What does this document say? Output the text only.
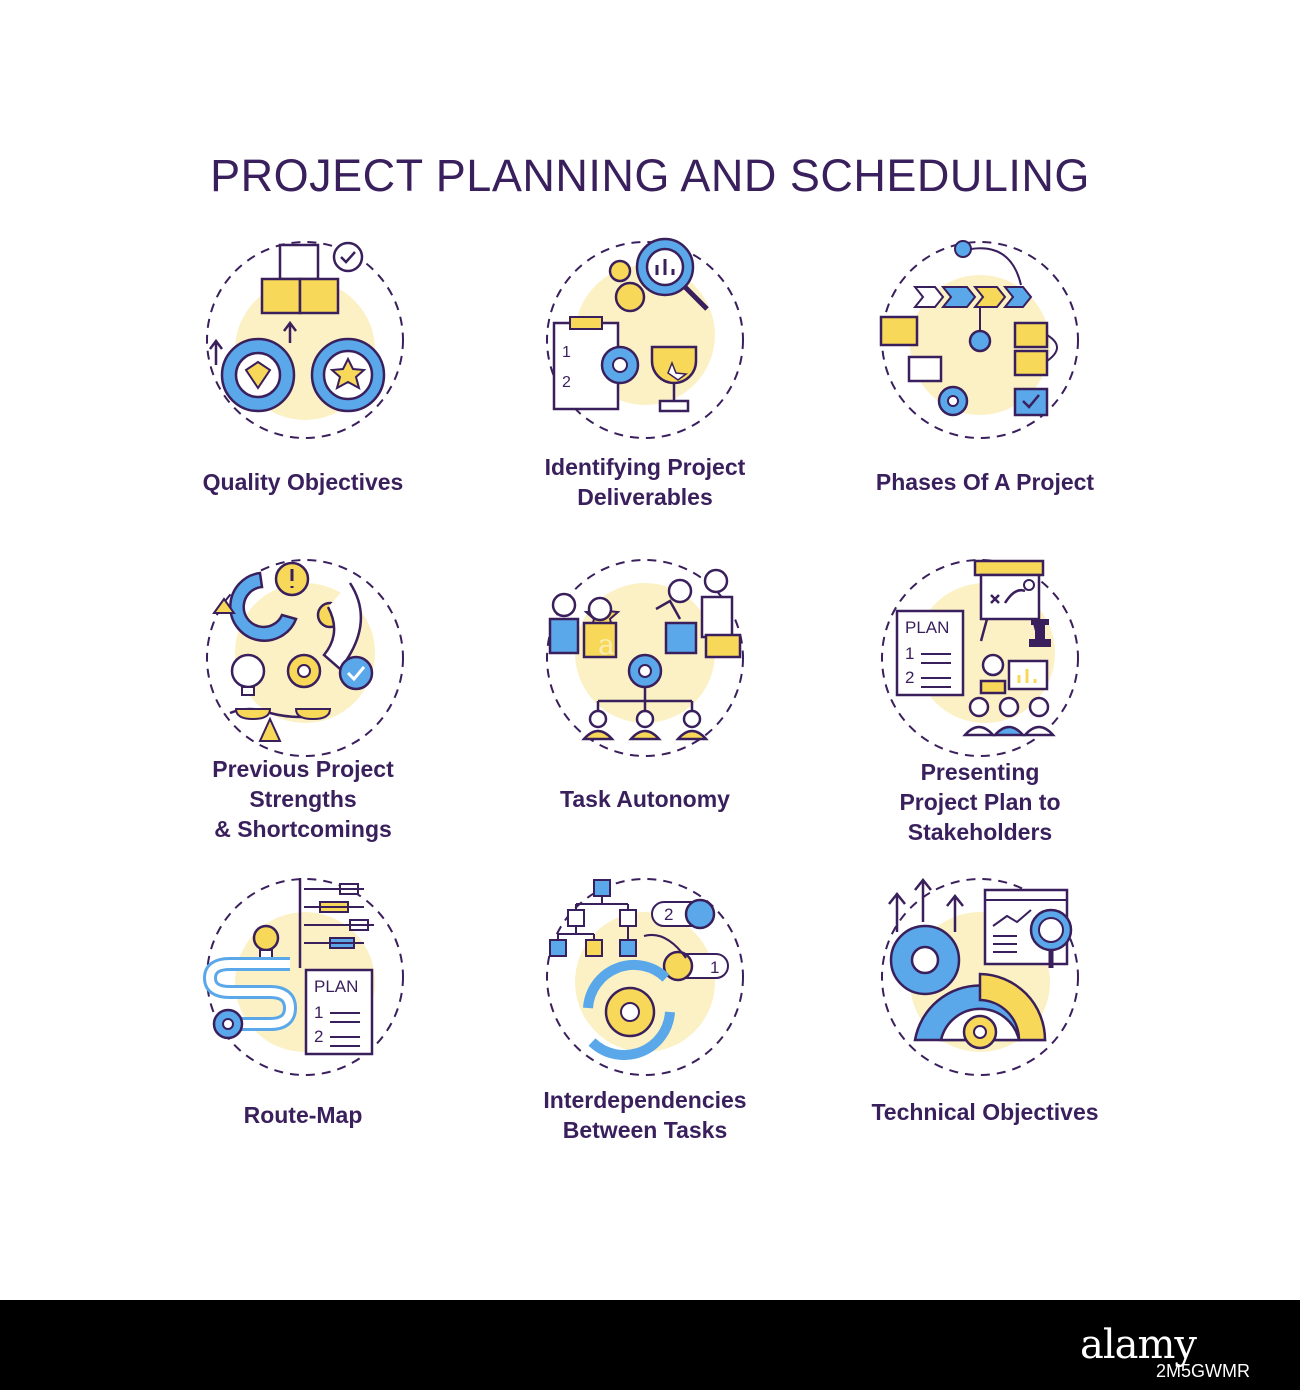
PROJECT PLANNING AND SCHEDULING
Quality Objectives
1
2
Identifying Project
Deliverables
Phases Of A Project
Previous Project
Strengths
& Shortcomings
Task Autonomy
PLAN
1
2
Presenting
Project Plan to
Stakeholders
PLAN
1
2
Route-Map
2
1
Interdependencies
Between Tasks
Technical Objectives
a
alamy
2M5GWMR
